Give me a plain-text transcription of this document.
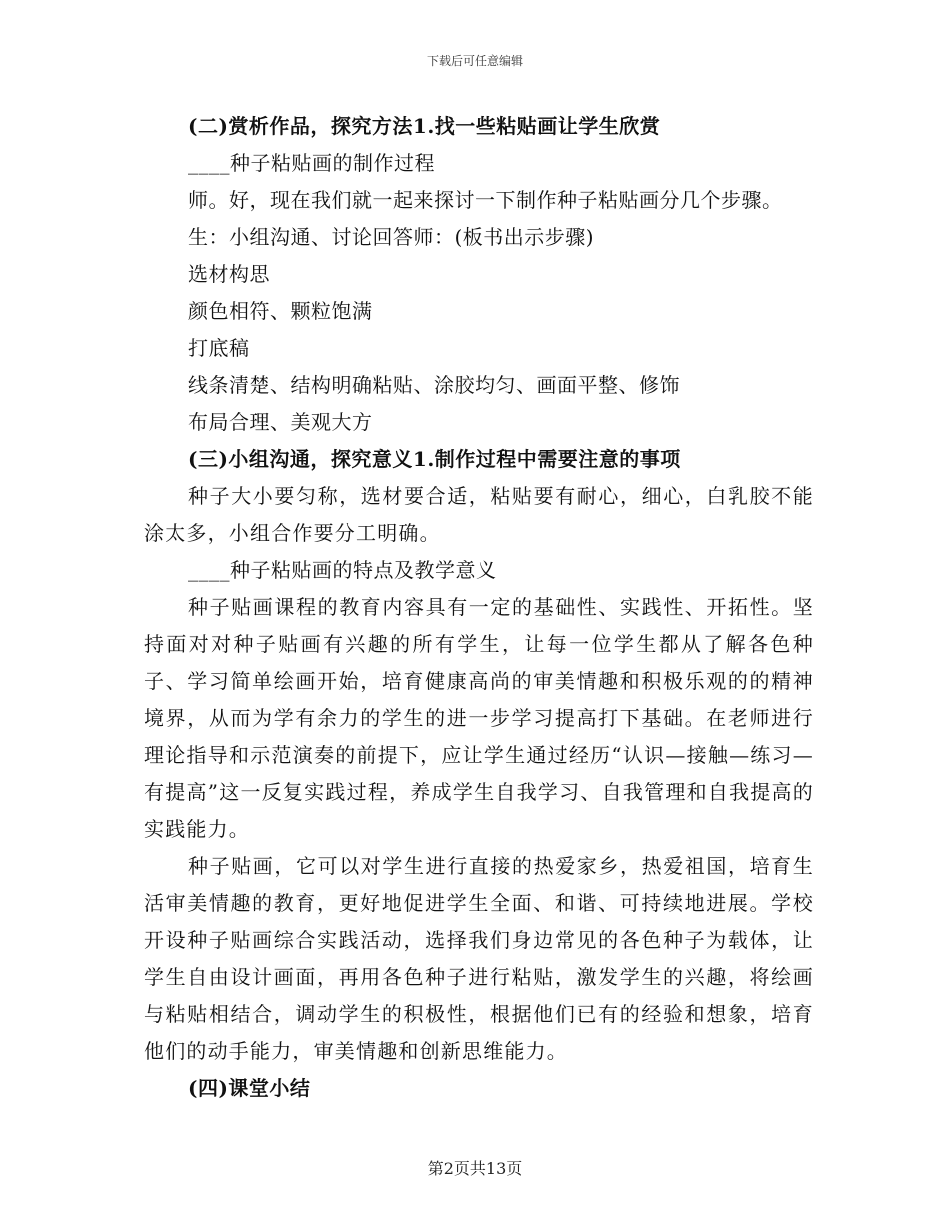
下载后可任意编辑
(二)赏析作品，探究方法1.找一些粘贴画让学生欣赏
____种子粘贴画的制作过程
师。好，现在我们就一起来探讨一下制作种子粘贴画分几个步骤。
生：小组沟通、讨论回答师：(板书出示步骤)
选材构思
颜色相符、颗粒饱满
打底稿
线条清楚、结构明确粘贴、涂胶均匀、画面平整、修饰
布局合理、美观大方
(三)小组沟通，探究意义1.制作过程中需要注意的事项

种子大小要匀称，选材要合适，粘贴要有耐心，细心，白乳胶不能涂太多，小组合作要分工明确。

____种子粘贴画的特点及教学意义

种子贴画课程的教育内容具有一定的基础性、实践性、开拓性。坚持面对对种子贴画有兴趣的所有学生，让每一位学生都从了解各色种子、学习简单绘画开始，培育健康高尚的审美情趣和积极乐观的的精神境界，从而为学有余力的学生的进一步学习提高打下基础。在老师进行理论指导和示范演奏的前提下，应让学生通过经历“认识—接触—练习—有提高”这一反复实践过程，养成学生自我学习、自我管理和自我提高的实践能力。

种子贴画，它可以对学生进行直接的热爱家乡，热爱祖国，培育生活审美情趣的教育，更好地促进学生全面、和谐、可持续地进展。学校开设种子贴画综合实践活动，选择我们身边常见的各色种子为载体，让学生自由设计画面，再用各色种子进行粘贴，激发学生的兴趣，将绘画与粘贴相结合，调动学生的积极性，根据他们已有的经验和想象，培育他们的动手能力，审美情趣和创新思维能力。

(四)课堂小结
第2页共13页
